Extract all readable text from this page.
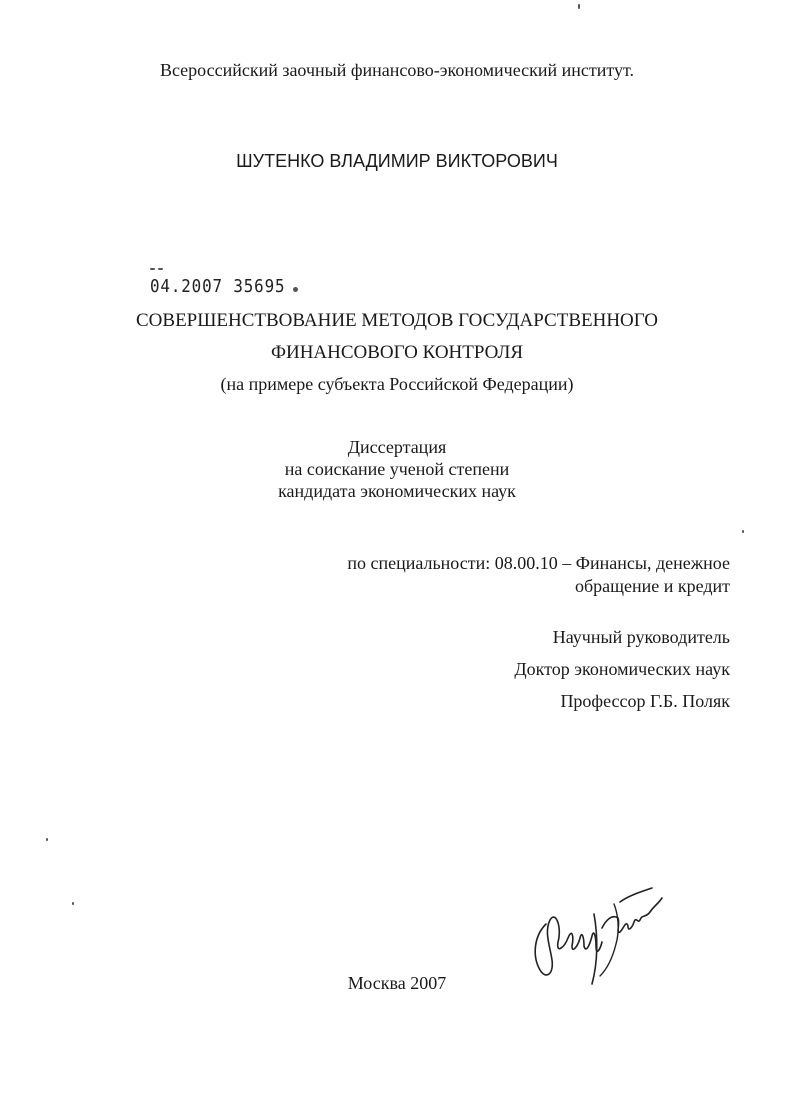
Всероссийский заочный финансово-экономический институт.
ШУТЕНКО ВЛАДИМИР ВИКТОРОВИЧ
04.2007 35695
СОВЕРШЕНСТВОВАНИЕ МЕТОДОВ ГОСУДАРСТВЕННОГО
ФИНАНСОВОГО КОНТРОЛЯ
(на примере субъекта Российской Федерации)
Диссертация
на соискание ученой степени
кандидата экономических наук
по специальности: 08.00.10 – Финансы, денежное
обращение и кредит
Научный руководитель
Доктор экономических наук
Профессор Г.Б. Поляк
Москва 2007
